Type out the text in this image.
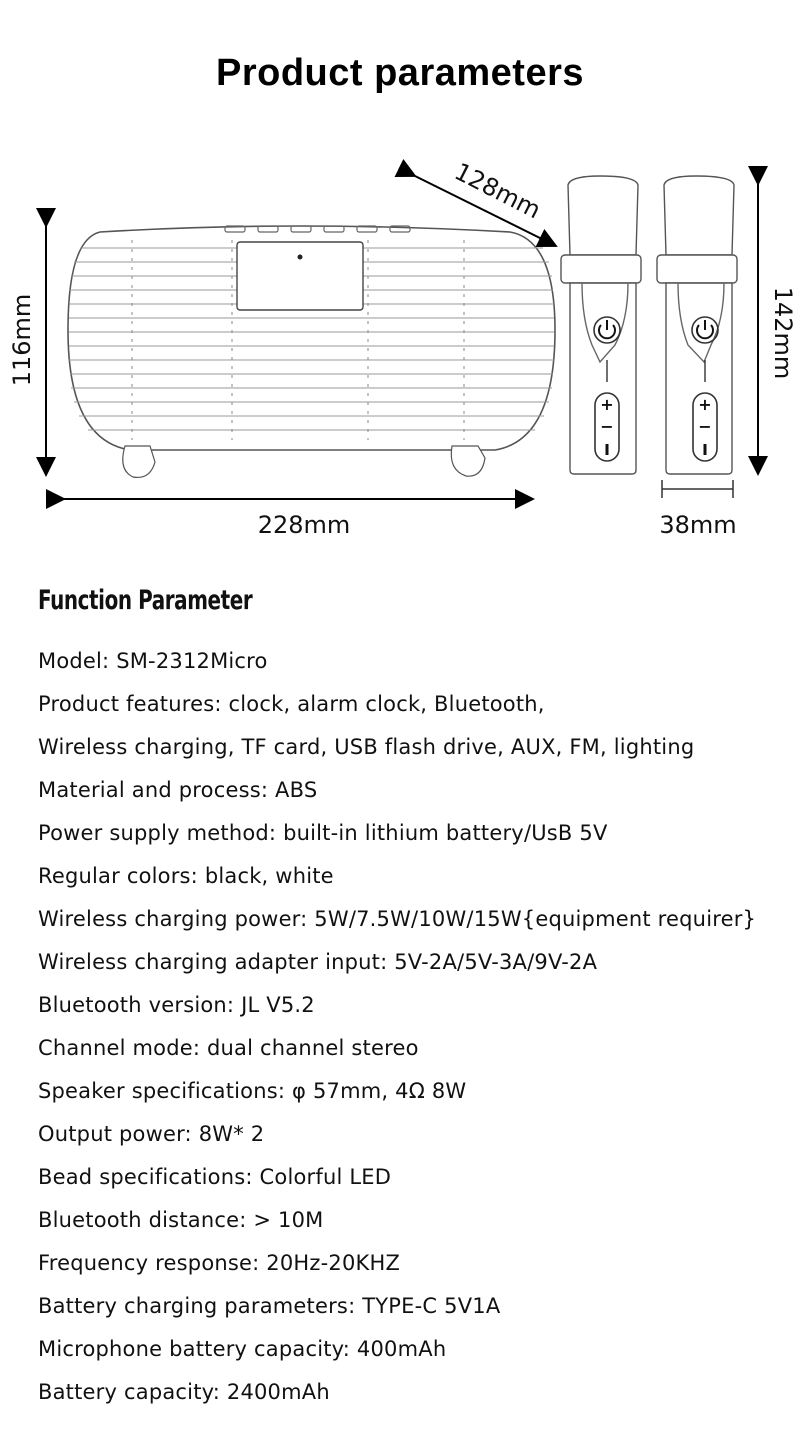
Product parameters
+
−
+
−
128mm
116mm
228mm
142mm
38mm
Function Parameter
Model: SM-2312Micro
Product features: clock, alarm clock, Bluetooth,
Wireless charging, TF card, USB flash drive, AUX, FM, lighting
Material and process: ABS
Power supply method: built-in lithium battery/UsB 5V
Regular colors: black, white
Wireless charging power: 5W/7.5W/10W/15W{equipment requirer}
Wireless charging adapter input: 5V-2A/5V-3A/9V-2A
Bluetooth version: JL V5.2
Channel mode: dual channel stereo
Speaker specifications: φ 57mm, 4Ω 8W
Output power: 8W* 2
Bead specifications: Colorful LED
Bluetooth distance: > 10M
Frequency response: 20Hz-20KHZ
Battery charging parameters: TYPE-C 5V1A
Microphone battery capacity: 400mAh
Battery capacity: 2400mAh
